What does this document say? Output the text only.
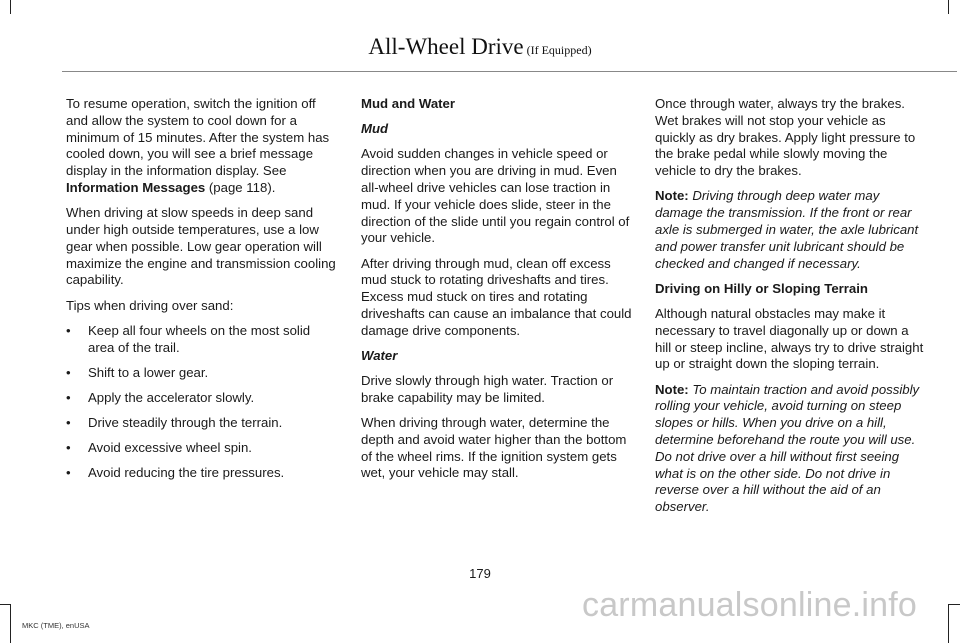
All-Wheel Drive (If Equipped)

To resume operation, switch the ignition off and allow the system to cool down for a minimum of 15 minutes. After the system has cooled down, you will see a brief message display in the information display. See Information Messages (page 118).

When driving at slow speeds in deep sand under high outside temperatures, use a low gear when possible. Low gear operation will maximize the engine and transmission cooling capability.

Tips when driving over sand:

• Keep all four wheels on the most solid area of the trail.
• Shift to a lower gear.
• Apply the accelerator slowly.
• Drive steadily through the terrain.
• Avoid excessive wheel spin.
• Avoid reducing the tire pressures.

Mud and Water

Mud

Avoid sudden changes in vehicle speed or direction when you are driving in mud. Even all-wheel drive vehicles can lose traction in mud. If your vehicle does slide, steer in the direction of the slide until you regain control of your vehicle.

After driving through mud, clean off excess mud stuck to rotating driveshafts and tires. Excess mud stuck on tires and rotating driveshafts can cause an imbalance that could damage drive components.

Water

Drive slowly through high water. Traction or brake capability may be limited.

When driving through water, determine the depth and avoid water higher than the bottom of the wheel rims. If the ignition system gets wet, your vehicle may stall.

Once through water, always try the brakes. Wet brakes will not stop your vehicle as quickly as dry brakes. Apply light pressure to the brake pedal while slowly moving the vehicle to dry the brakes.

Note: Driving through deep water may damage the transmission. If the front or rear axle is submerged in water, the axle lubricant and power transfer unit lubricant should be checked and changed if necessary.

Driving on Hilly or Sloping Terrain

Although natural obstacles may make it necessary to travel diagonally up or down a hill or steep incline, always try to drive straight up or straight down the sloping terrain.

Note: To maintain traction and avoid possibly rolling your vehicle, avoid turning on steep slopes or hills. When you drive on a hill, determine beforehand the route you will use. Do not drive over a hill without first seeing what is on the other side. Do not drive in reverse over a hill without the aid of an observer.

179
MKC (TME), enUSA
carmanualsonline.info
